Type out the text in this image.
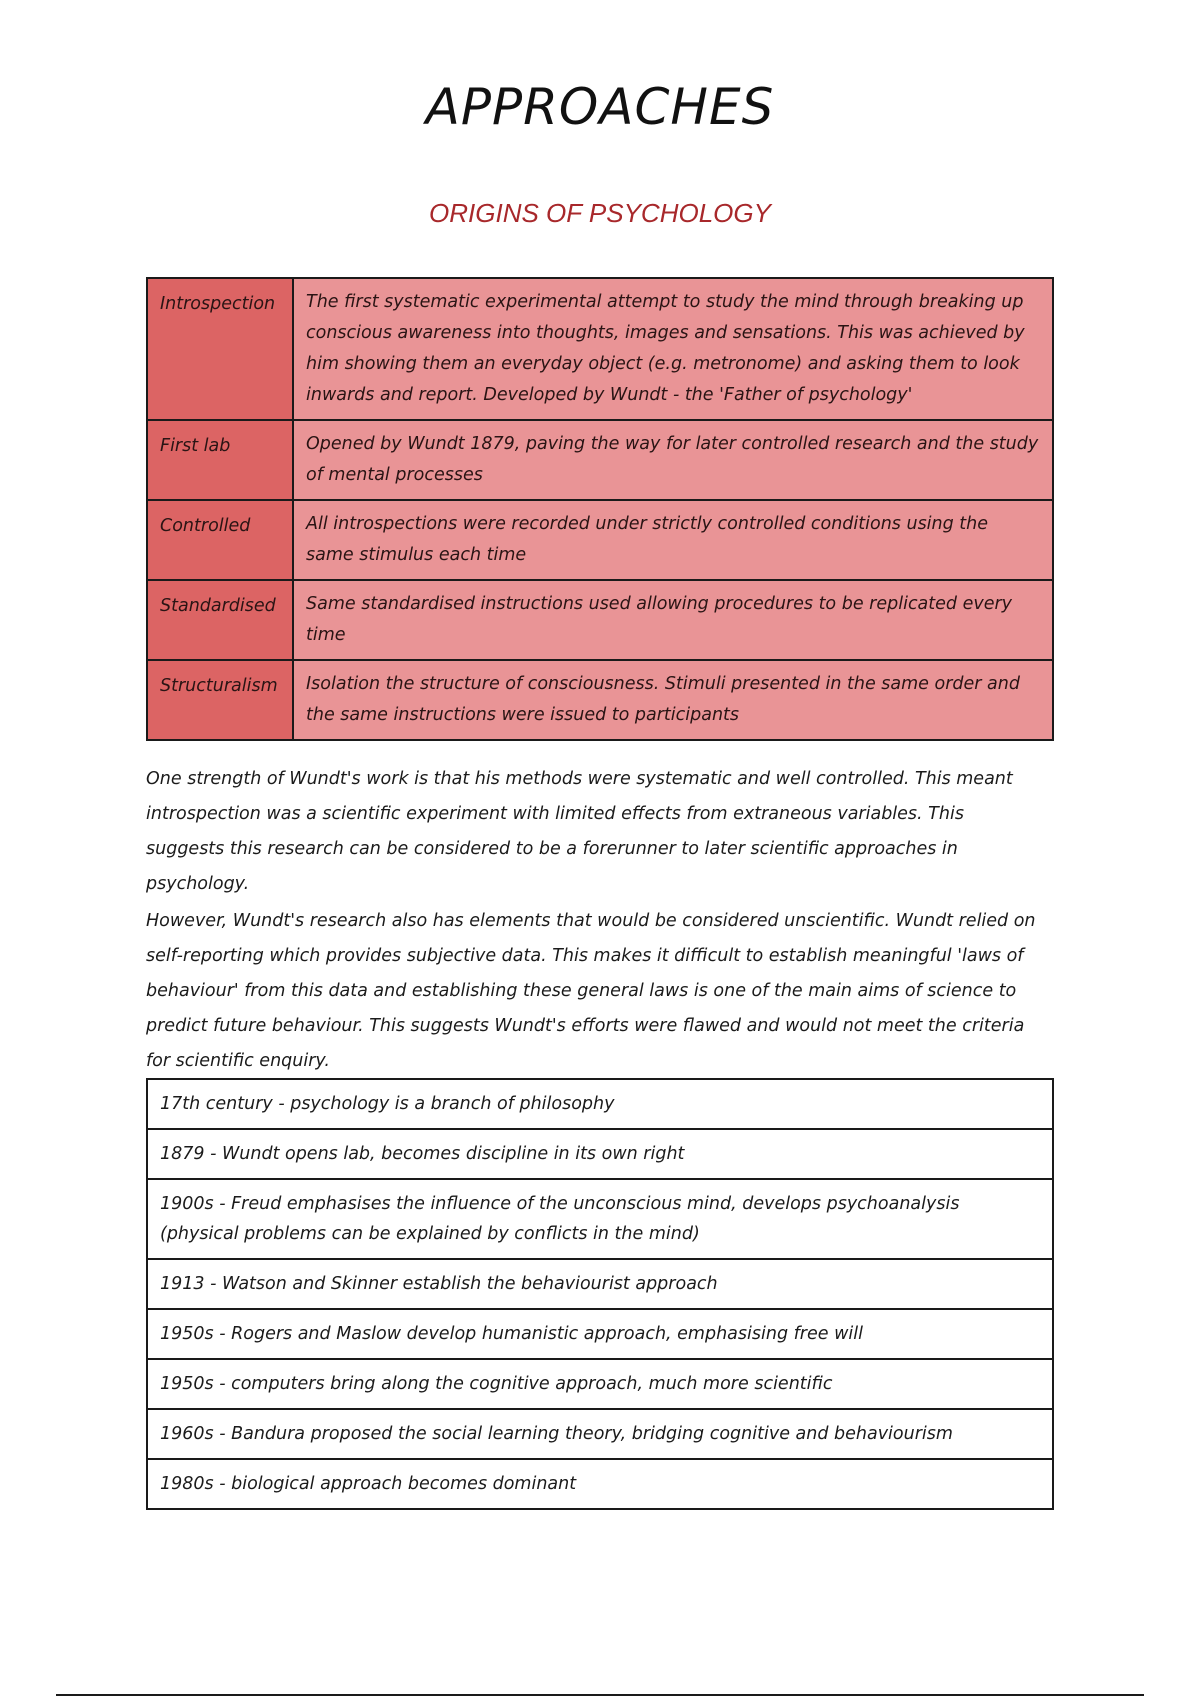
APPROACHES
ORIGINS OF PSYCHOLOGY
Introspection	The first systematic experimental attempt to study the mind through breaking up conscious awareness into thoughts, images and sensations. This was achieved by him showing them an everyday object (e.g. metronome) and asking them to look inwards and report. Developed by Wundt - the 'Father of psychology'
First lab	Opened by Wundt 1879, paving the way for later controlled research and the study of mental processes
Controlled	All introspections were recorded under strictly controlled conditions using the same stimulus each time
Standardised	Same standardised instructions used allowing procedures to be replicated every time
Structuralism	Isolation the structure of consciousness. Stimuli presented in the same order and the same instructions were issued to participants
One strength of Wundt's work is that his methods were systematic and well controlled. This meant introspection was a scientific experiment with limited effects from extraneous variables. This suggests this research can be considered to be a forerunner to later scientific approaches in psychology.
However, Wundt's research also has elements that would be considered unscientific. Wundt relied on self-reporting which provides subjective data. This makes it difficult to establish meaningful 'laws of behaviour' from this data and establishing these general laws is one of the main aims of science to predict future behaviour. This suggests Wundt's efforts were flawed and would not meet the criteria for scientific enquiry.
17th century - psychology is a branch of philosophy
1879 - Wundt opens lab, becomes discipline in its own right
1900s - Freud emphasises the influence of the unconscious mind, develops psychoanalysis (physical problems can be explained by conflicts in the mind)
1913 - Watson and Skinner establish the behaviourist approach
1950s - Rogers and Maslow develop humanistic approach, emphasising free will
1950s - computers bring along the cognitive approach, much more scientific
1960s - Bandura proposed the social learning theory, bridging cognitive and behaviourism
1980s - biological approach becomes dominant
